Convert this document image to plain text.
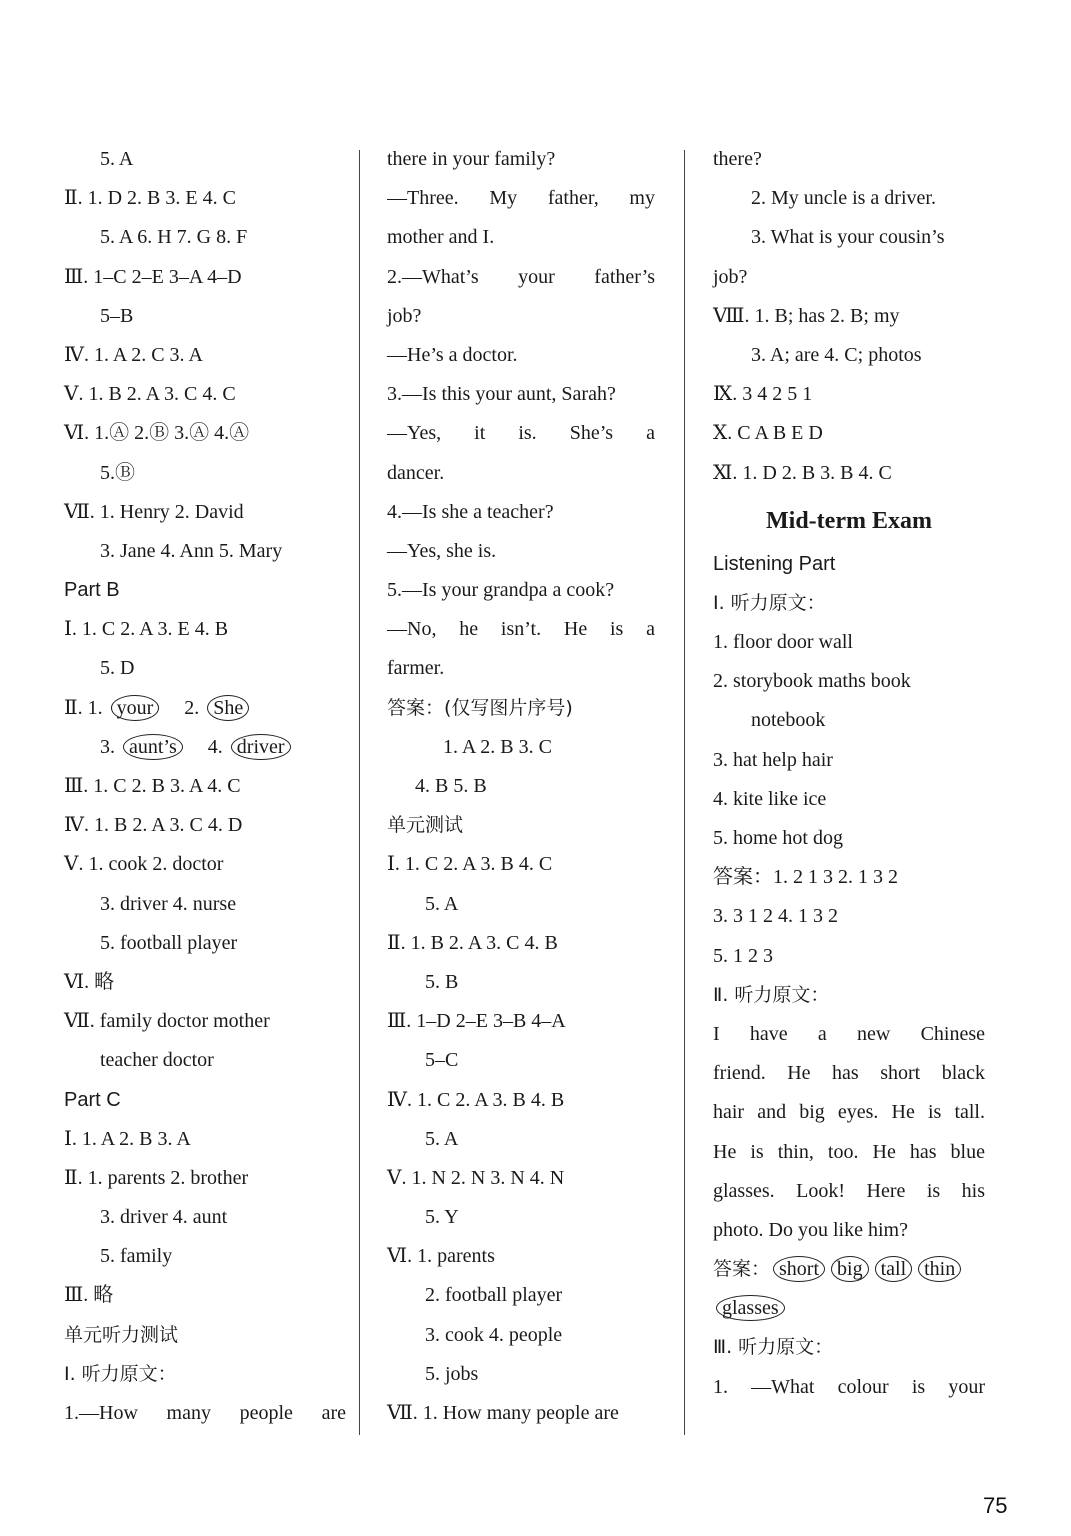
5. A
Ⅱ. 1. D 2. B 3. E 4. C
5. A 6. H 7. G 8. F
Ⅲ. 1–C 2–E 3–A 4–D
5–B
Ⅳ. 1. A 2. C 3. A
Ⅴ. 1. B 2. A 3. C 4. C
Ⅵ. 1.Ⓐ 2.Ⓑ 3.Ⓐ 4.Ⓐ
5.Ⓑ
Ⅶ. 1. Henry 2. David
3. Jane 4. Ann 5. Mary
Part B
Ⅰ. 1. C 2. A 3. E 4. B
5. D
Ⅱ. 1. your 2. She
3. aunt’s 4. driver
Ⅲ. 1. C 2. B 3. A 4. C
Ⅳ. 1. B 2. A 3. C 4. D
Ⅴ. 1. cook 2. doctor
3. driver 4. nurse
5. football player
Ⅵ. 略
Ⅶ. family doctor mother
teacher doctor
Part C
Ⅰ. 1. A 2. B 3. A
Ⅱ. 1. parents 2. brother
3. driver 4. aunt
5. family
Ⅲ. 略
单元听力测试
Ⅰ. 听力原文：
1.—How many people are
there in your family?
—Three. My father, my
mother and I.
2.—What’s your father’s
job?
—He’s a doctor.
3.—Is this your aunt, Sarah?
—Yes, it is. She’s a
dancer.
4.—Is she a teacher?
—Yes, she is.
5.—Is your grandpa a cook?
—No, he isn’t. He is a
farmer.
答案：(仅写图片序号)
1. A 2. B 3. C
4. B 5. B
单元测试
Ⅰ. 1. C 2. A 3. B 4. C
5. A
Ⅱ. 1. B 2. A 3. C 4. B
5. B
Ⅲ. 1–D 2–E 3–B 4–A
5–C
Ⅳ. 1. C 2. A 3. B 4. B
5. A
Ⅴ. 1. N 2. N 3. N 4. N
5. Y
Ⅵ. 1. parents
2. football player
3. cook 4. people
5. jobs
Ⅶ. 1. How many people are
there?
2. My uncle is a driver.
3. What is your cousin’s
job?
Ⅷ. 1. B; has 2. B; my
3. A; are 4. C; photos
Ⅸ. 3 4 2 5 1
Ⅹ. C A B E D
Ⅺ. 1. D 2. B 3. B 4. C
Mid-term Exam
Listening Part
Ⅰ. 听力原文：
1. floor door wall
2. storybook maths book
notebook
3. hat help hair
4. kite like ice
5. home hot dog
答案：1. 2 1 3 2. 1 3 2
3. 3 1 2 4. 1 3 2
5. 1 2 3
Ⅱ. 听力原文：
I have a new Chinese
friend. He has short black
hair and big eyes. He is tall.
He is thin, too. He has blue
glasses. Look! Here is his
photo. Do you like him?
答案： short big tall thin
glasses
Ⅲ. 听力原文：
1. —What colour is your
75
